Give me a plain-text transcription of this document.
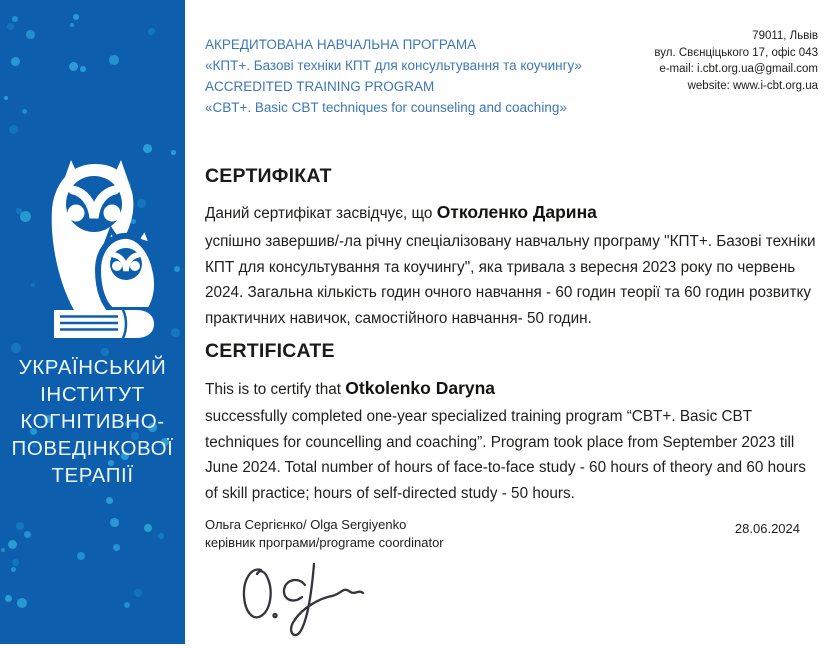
УКРАЇНСЬКИЙ
ІНСТИТУТ
КОГНІТИВНО-
ПОВЕДІНКОВОЇ
ТЕРАПІЇ
АКРЕДИТОВАНА НАВЧАЛЬНА ПРОГРАМА
«КПТ+. Базові техніки КПТ для консультування та коучингу»
ACCREDITED TRAINING PROGRAM
«CBT+. Basic CBT techniques for counseling and coaching»
79011, Львів
вул. Свєнціцького 17, офіс 043
e-mail: i.cbt.org.ua@gmail.com
website: www.i-cbt.org.ua
СЕРТИФІКАТ
Даний сертифікат засвідчує, що Отколенко Дарина

успішно завершив/-ла річну спеціалізовану навчальну програму "КПТ+. Базові техніки КПТ для консультування та коучингу", яка тривала з вересня 2023 року по червень 2024. Загальна кількість годин очного навчання - 60 годин теорії та 60 годин розвитку практичних навичок, самостійного навчання- 50 годин.

CERTIFICATE
This is to certify that Otkolenko Daryna

successfully completed one-year specialized training program “CBT+. Basic CBT techniques for councelling and coaching”. Program took place from September 2023 till June 2024. Total number of hours of face-to-face study - 60 hours of theory and 60 hours of skill practice; hours of self-directed study - 50 hours.

Ольга Сергієнко/ Olga Sergiyenko
керівник програми/programe coordinator
28.06.2024
